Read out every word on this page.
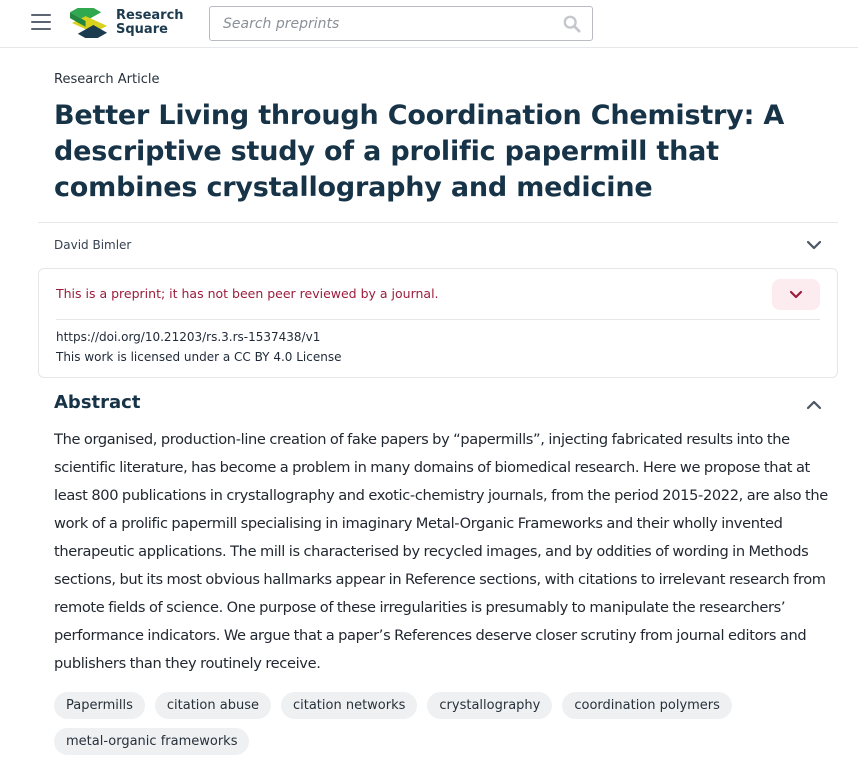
Research
Square
Search preprints
Research Article
Better Living through Coordination Chemistry: A descriptive study of a prolific papermill that combines crystallography and medicine
David Bimler
This is a preprint; it has not been peer reviewed by a journal.
https://doi.org/10.21203/rs.3.rs-1537438/v1
This work is licensed under a CC BY 4.0 License
Abstract

The organised, production-line creation of fake papers by “papermills”, injecting fabricated results into the scientific literature, has become a problem in many domains of biomedical research. Here we propose that at least 800 publications in crystallography and exotic-chemistry journals, from the period 2015-2022, are also the work of a prolific papermill specialising in imaginary Metal-Organic Frameworks and their wholly invented therapeutic applications. The mill is characterised by recycled images, and by oddities of wording in Methods sections, but its most obvious hallmarks appear in Reference sections, with citations to irrelevant research from remote fields of science. One purpose of these irregularities is presumably to manipulate the researchers’ performance indicators. We argue that a paper’s References deserve closer scrutiny from journal editors and publishers than they routinely receive.

Papermills	citation abuse	citation networks	crystallography	coordination polymers
metal-organic frameworks
